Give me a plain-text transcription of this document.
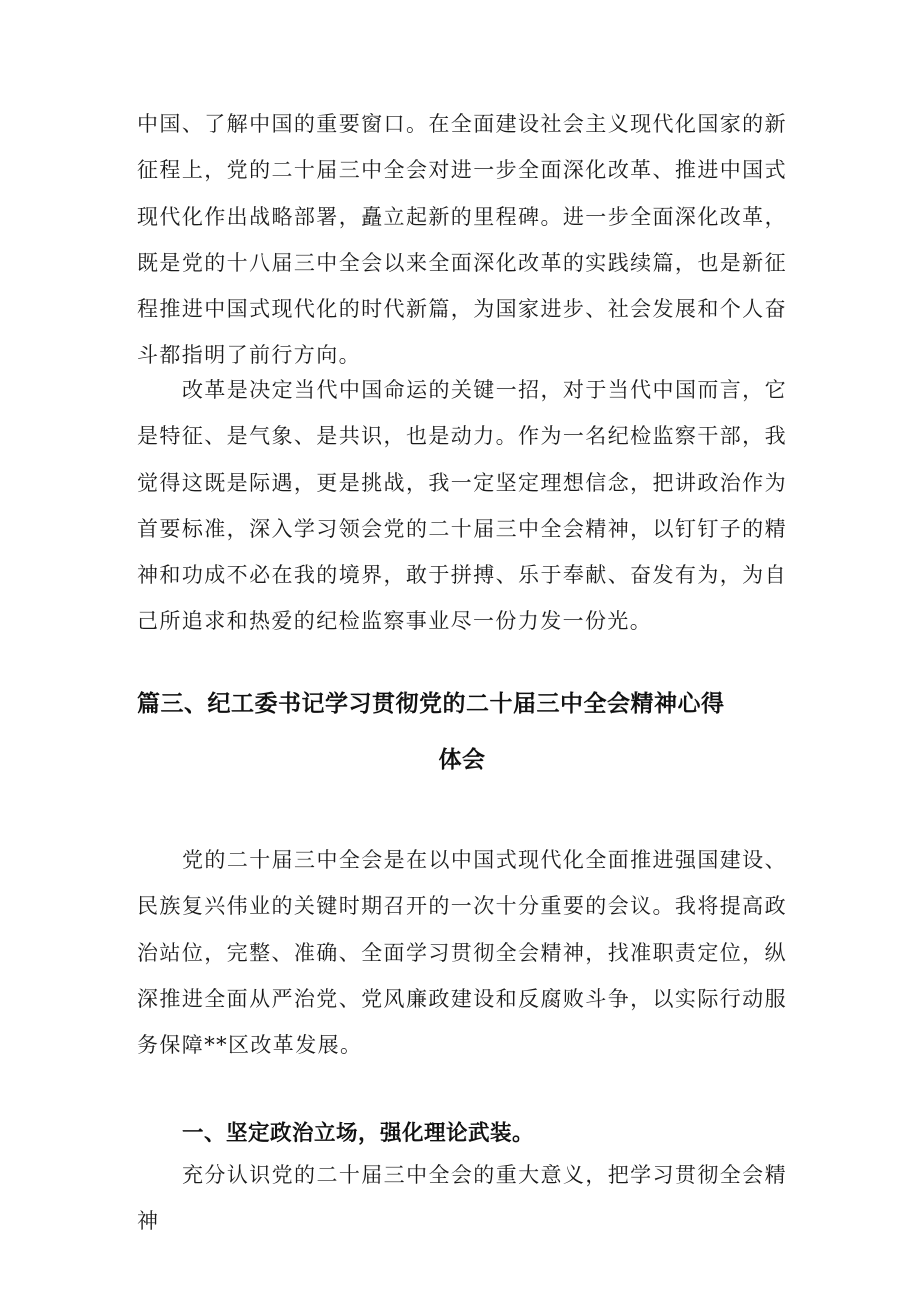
中国、了解中国的重要窗口。在全面建设社会主义现代化国家的新征程上，党的二十届三中全会对进一步全面深化改革、推进中国式现代化作出战略部署，矗立起新的里程碑。进一步全面深化改革，既是党的十八届三中全会以来全面深化改革的实践续篇，也是新征程推进中国式现代化的时代新篇，为国家进步、社会发展和个人奋斗都指明了前行方向。

改革是决定当代中国命运的关键一招，对于当代中国而言，它是特征、是气象、是共识，也是动力。作为一名纪检监察干部，我觉得这既是际遇，更是挑战，我一定坚定理想信念，把讲政治作为首要标准，深入学习领会党的二十届三中全会精神，以钉钉子的精神和功成不必在我的境界，敢于拼搏、乐于奉献、奋发有为，为自己所追求和热爱的纪检监察事业尽一份力发一份光。

篇三、纪工委书记学习贯彻党的二十届三中全会精神心得
体会

党的二十届三中全会是在以中国式现代化全面推进强国建设、民族复兴伟业的关键时期召开的一次十分重要的会议。我将提高政治站位，完整、准确、全面学习贯彻全会精神，找准职责定位，纵深推进全面从严治党、党风廉政建设和反腐败斗争，以实际行动服务保障**区改革发展。

一、坚定政治立场，强化理论武装。

充分认识党的二十届三中全会的重大意义，把学习贯彻全会精神
